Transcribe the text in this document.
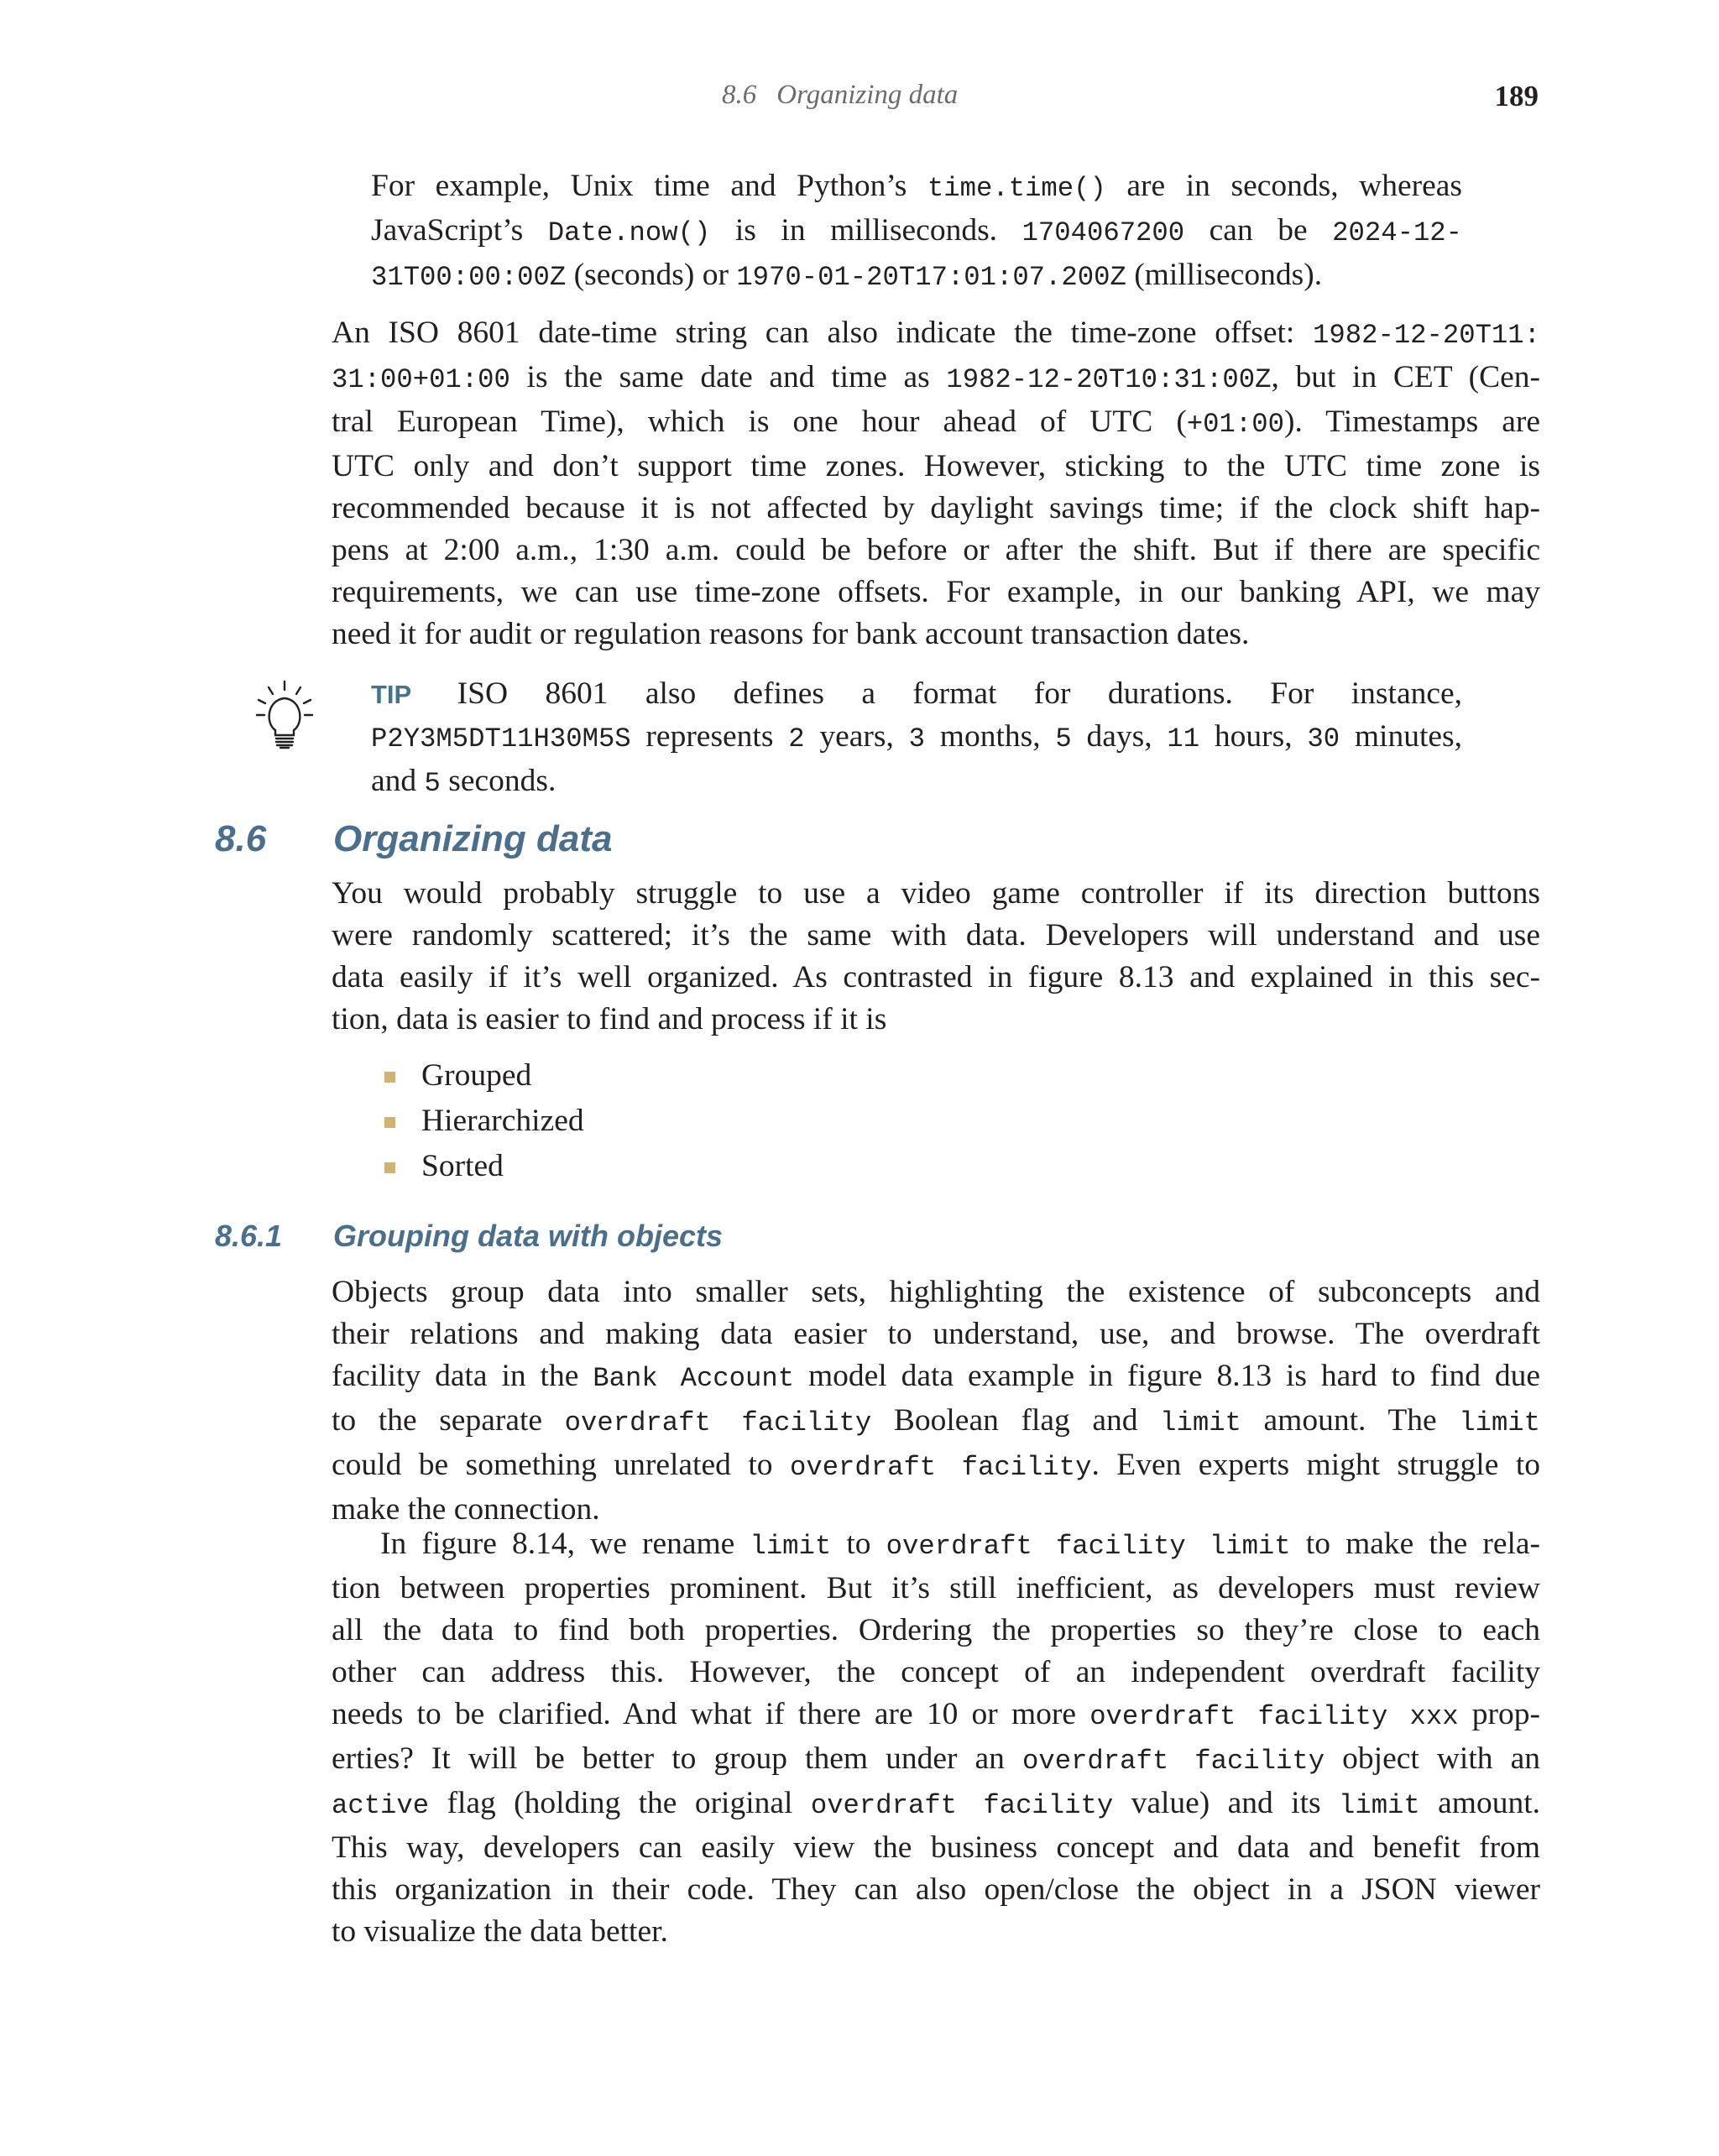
8.6 Organizing data	189
For example, Unix time and Python’s time.time() are in seconds, whereas
JavaScript’s Date.now() is in milliseconds. 1704067200 can be 2024-12-
31T00:00:00Z (seconds) or 1970-01-20T17:01:07.200Z (milliseconds).
An ISO 8601 date-time string can also indicate the time-zone offset: 1982-12-20T11:
31:00+01:00 is the same date and time as 1982-12-20T10:31:00Z, but in CET (Cen-
tral European Time), which is one hour ahead of UTC (+01:00). Timestamps are
UTC only and don’t support time zones. However, sticking to the UTC time zone is
recommended because it is not affected by daylight savings time; if the clock shift hap-
pens at 2:00 a.m., 1:30 a.m. could be before or after the shift. But if there are specific
requirements, we can use time-zone offsets. For example, in our banking API, we may
need it for audit or regulation reasons for bank account transaction dates.
TIP ISO 8601 also defines a format for durations. For instance,
P2Y3M5DT11H30M5S represents 2 years, 3 months, 5 days, 11 hours, 30 minutes,
and 5 seconds.
8.6 Organizing data
You would probably struggle to use a video game controller if its direction buttons
were randomly scattered; it’s the same with data. Developers will understand and use
data easily if it’s well organized. As contrasted in figure 8.13 and explained in this sec-
tion, data is easier to find and process if it is
Grouped
Hierarchized
Sorted
8.6.1 Grouping data with objects
Objects group data into smaller sets, highlighting the existence of subconcepts and
their relations and making data easier to understand, use, and browse. The overdraft
facility data in the Bank Account model data example in figure 8.13 is hard to find due
to the separate overdraft facility Boolean flag and limit amount. The limit
could be something unrelated to overdraft facility. Even experts might struggle to
make the connection.
In figure 8.14, we rename limit to overdraft facility limit to make the rela-
tion between properties prominent. But it’s still inefficient, as developers must review
all the data to find both properties. Ordering the properties so they’re close to each
other can address this. However, the concept of an independent overdraft facility
needs to be clarified. And what if there are 10 or more overdraft facility xxx prop-
erties? It will be better to group them under an overdraft facility object with an
active flag (holding the original overdraft facility value) and its limit amount.
This way, developers can easily view the business concept and data and benefit from
this organization in their code. They can also open/close the object in a JSON viewer
to visualize the data better.
